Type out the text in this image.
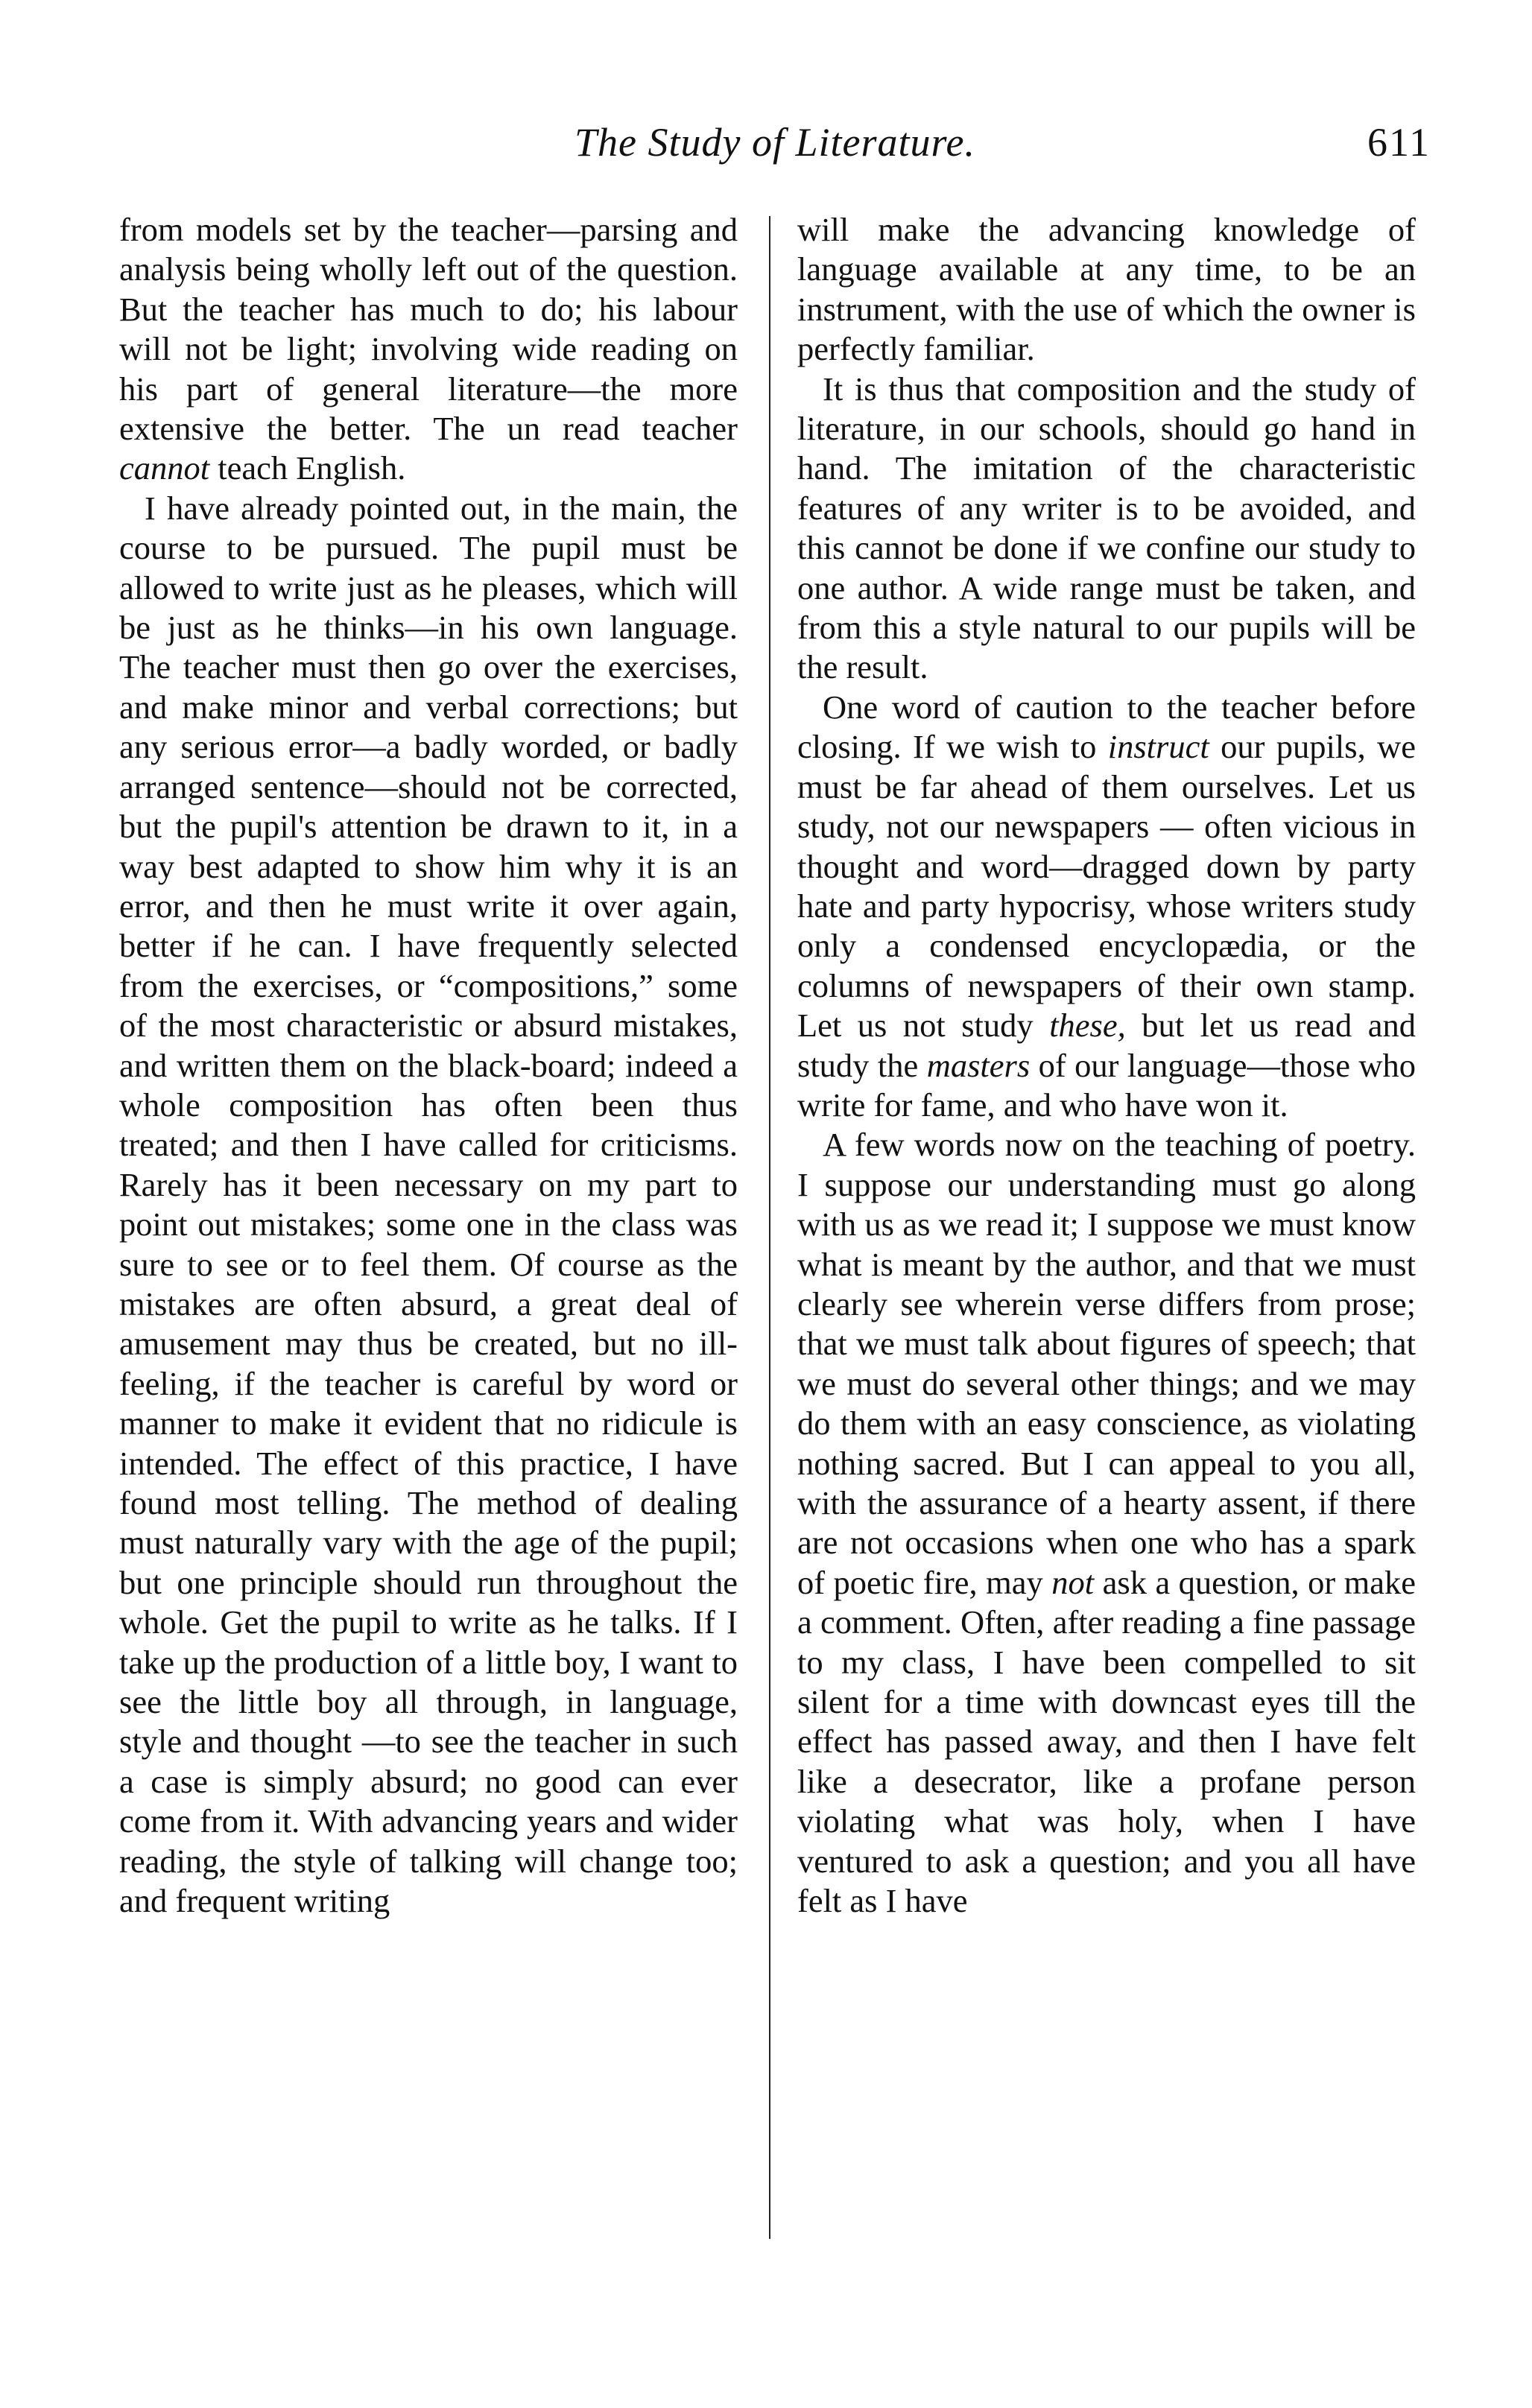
The Study of Literature.	611

from models set by the teacher—parsing and analysis being wholly left out of the question. But the teacher has much to do; his labour will not be light; involving wide reading on his part of general literature—the more extensive the better. The un read teacher cannot teach English.

I have already pointed out, in the main, the course to be pursued. The pupil must be allowed to write just as he pleases, which will be just as he thinks—in his own language. The teacher must then go over the exercises, and make minor and verbal corrections; but any serious error—a badly worded, or badly arranged sentence—should not be corrected, but the pupil's attention be drawn to it, in a way best adapted to show him why it is an error, and then he must write it over again, better if he can. I have frequently selected from the exercises, or “compositions,” some of the most characteristic or absurd mistakes, and written them on the black-board; indeed a whole composition has often been thus treated; and then I have called for criticisms. Rarely has it been necessary on my part to point out mistakes; some one in the class was sure to see or to feel them. Of course as the mistakes are often absurd, a great deal of amusement may thus be created, but no ill-feeling, if the teacher is careful by word or manner to make it evident that no ridicule is intended. The effect of this practice, I have found most telling. The method of dealing must naturally vary with the age of the pupil; but one principle should run throughout the whole. Get the pupil to write as he talks. If I take up the production of a little boy, I want to see the little boy all through, in language, style and thought —to see the teacher in such a case is simply absurd; no good can ever come from it. With advancing years and wider reading, the style of talking will change too; and frequent writing

will make the advancing knowledge of language available at any time, to be an instrument, with the use of which the owner is perfectly familiar.

It is thus that composition and the study of literature, in our schools, should go hand in hand. The imitation of the characteristic features of any writer is to be avoided, and this cannot be done if we confine our study to one author. A wide range must be taken, and from this a style natural to our pupils will be the result.

One word of caution to the teacher before closing. If we wish to instruct our pupils, we must be far ahead of them ourselves. Let us study, not our newspapers — often vicious in thought and word—dragged down by party hate and party hypocrisy, whose writers study only a condensed encyclopædia, or the columns of newspapers of their own stamp. Let us not study these, but let us read and study the masters of our language—those who write for fame, and who have won it.

A few words now on the teaching of poetry. I suppose our understanding must go along with us as we read it; I suppose we must know what is meant by the author, and that we must clearly see wherein verse differs from prose; that we must talk about figures of speech; that we must do several other things; and we may do them with an easy conscience, as violating nothing sacred. But I can appeal to you all, with the assurance of a hearty assent, if there are not occasions when one who has a spark of poetic fire, may not ask a question, or make a comment. Often, after reading a fine passage to my class, I have been compelled to sit silent for a time with downcast eyes till the effect has passed away, and then I have felt like a desecrator, like a profane person violating what was holy, when I have ventured to ask a question; and you all have felt as I have
